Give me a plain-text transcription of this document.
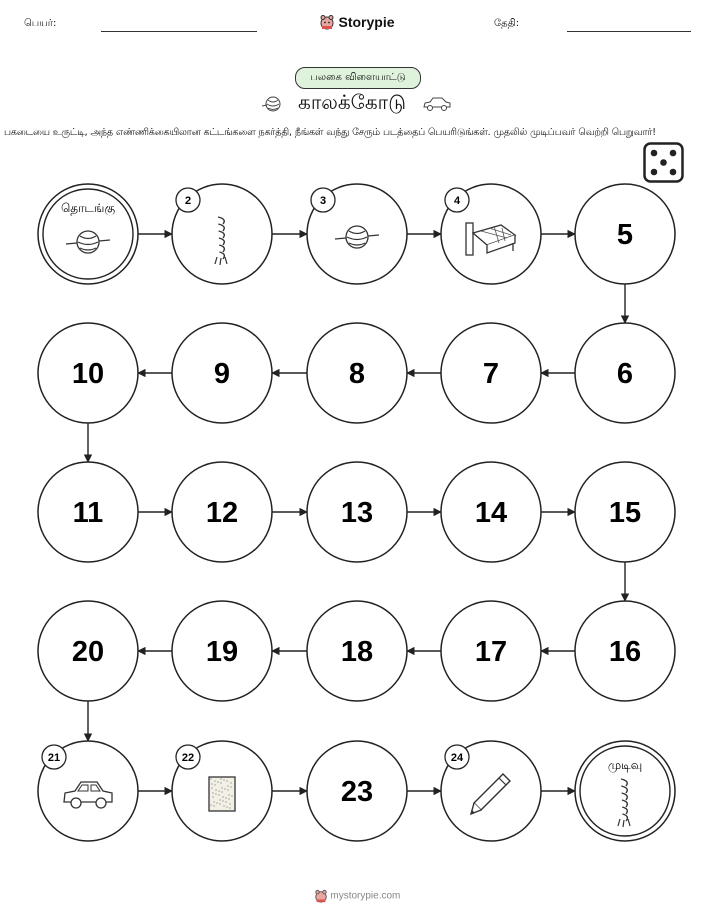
பெயர்:	Storypie	தேதி:
பலகை விளையாட்டு
காலக்கோடு
பகடையை உருட்டி, அந்த எண்ணிக்கையிலான கட்டங்களை நகர்த்தி, நீங்கள் வந்து சேரும் படத்தைப் பெயரிடுங்கள். முதலில் முடிப்பவர் வெற்றி பெறுவார்!
தொடங்கு	2	3	4
5
10	9	8	7	6
11	12	13	14	15
20	19	18	17	16
21	22
23
24	முடிவு
mystorypie.com
